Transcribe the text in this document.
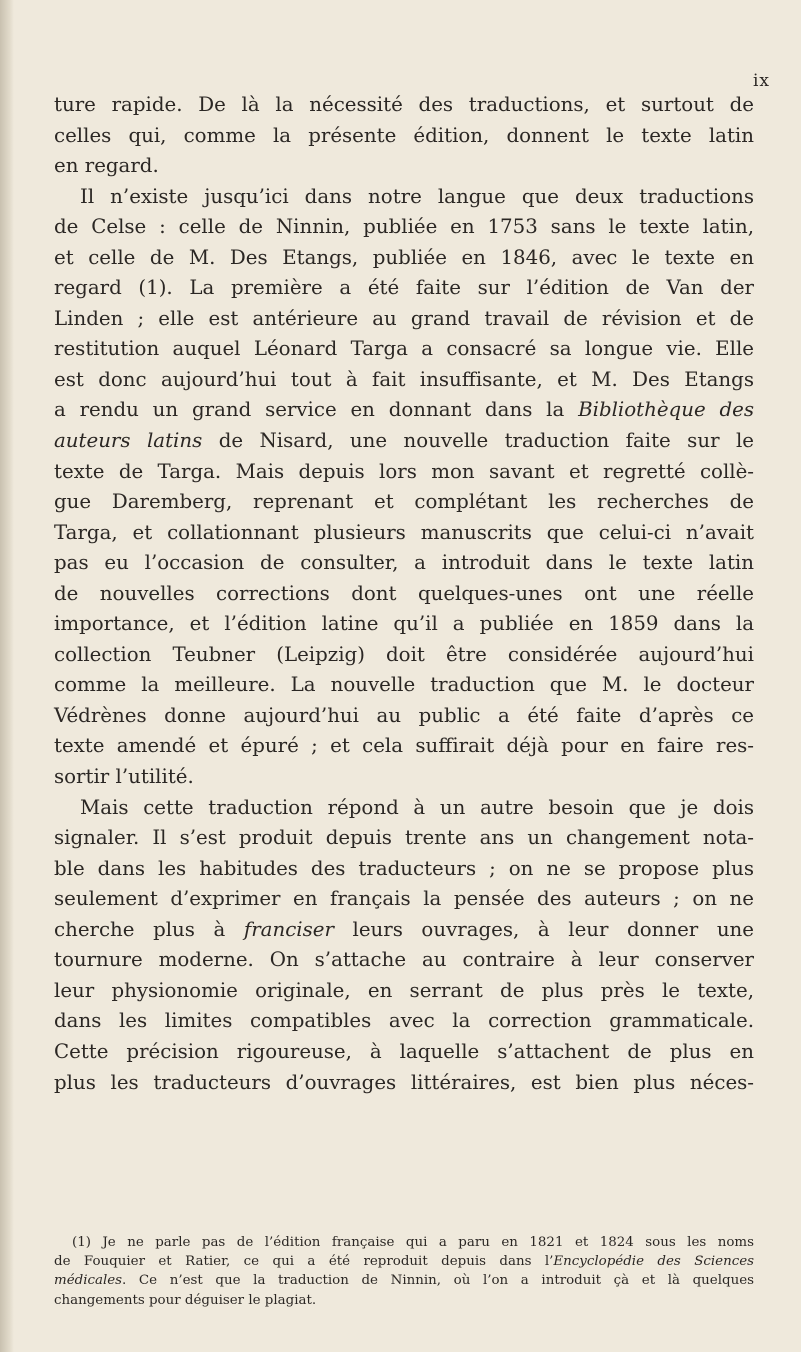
ix
ture rapide. De là la nécessité des traductions, et surtout de
celles qui, comme la présente édition, donnent le texte latin
en regard.
Il n’existe jusqu’ici dans notre langue que deux traductions
de Celse : celle de Ninnin, publiée en 1753 sans le texte latin,
et celle de M. Des Etangs, publiée en 1846, avec le texte en
regard (1). La première a été faite sur l’édition de Van der
Linden ; elle est antérieure au grand travail de révision et de
restitution auquel Léonard Targa a consacré sa longue vie. Elle
est donc aujourd’hui tout à fait insuffisante, et M. Des Etangs
a rendu un grand service en donnant dans la Bibliothèque des
auteurs latins de Nisard, une nouvelle traduction faite sur le
texte de Targa. Mais depuis lors mon savant et regretté collè-
gue Daremberg, reprenant et complétant les recherches de
Targa, et collationnant plusieurs manuscrits que celui-ci n’avait
pas eu l’occasion de consulter, a introduit dans le texte latin
de nouvelles corrections dont quelques-unes ont une réelle
importance, et l’édition latine qu’il a publiée en 1859 dans la
collection Teubner (Leipzig) doit être considérée aujourd’hui
comme la meilleure. La nouvelle traduction que M. le docteur
Védrènes donne aujourd’hui au public a été faite d’après ce
texte amendé et épuré ; et cela suffirait déjà pour en faire res-
sortir l’utilité.
Mais cette traduction répond à un autre besoin que je dois
signaler. Il s’est produit depuis trente ans un changement nota-
ble dans les habitudes des traducteurs ; on ne se propose plus
seulement d’exprimer en français la pensée des auteurs ; on ne
cherche plus à franciser leurs ouvrages, à leur donner une
tournure moderne. On s’attache au contraire à leur conserver
leur physionomie originale, en serrant de plus près le texte,
dans les limites compatibles avec la correction grammaticale.
Cette précision rigoureuse, à laquelle s’attachent de plus en
plus les traducteurs d’ouvrages littéraires, est bien plus néces-
(1) Je ne parle pas de l’édition française qui a paru en 1821 et 1824 sous les noms
de Fouquier et Ratier, ce qui a été reproduit depuis dans l’Encyclopédie des Sciences
médicales. Ce n’est que la traduction de Ninnin, où l’on a introduit çà et là quelques
changements pour déguiser le plagiat.
